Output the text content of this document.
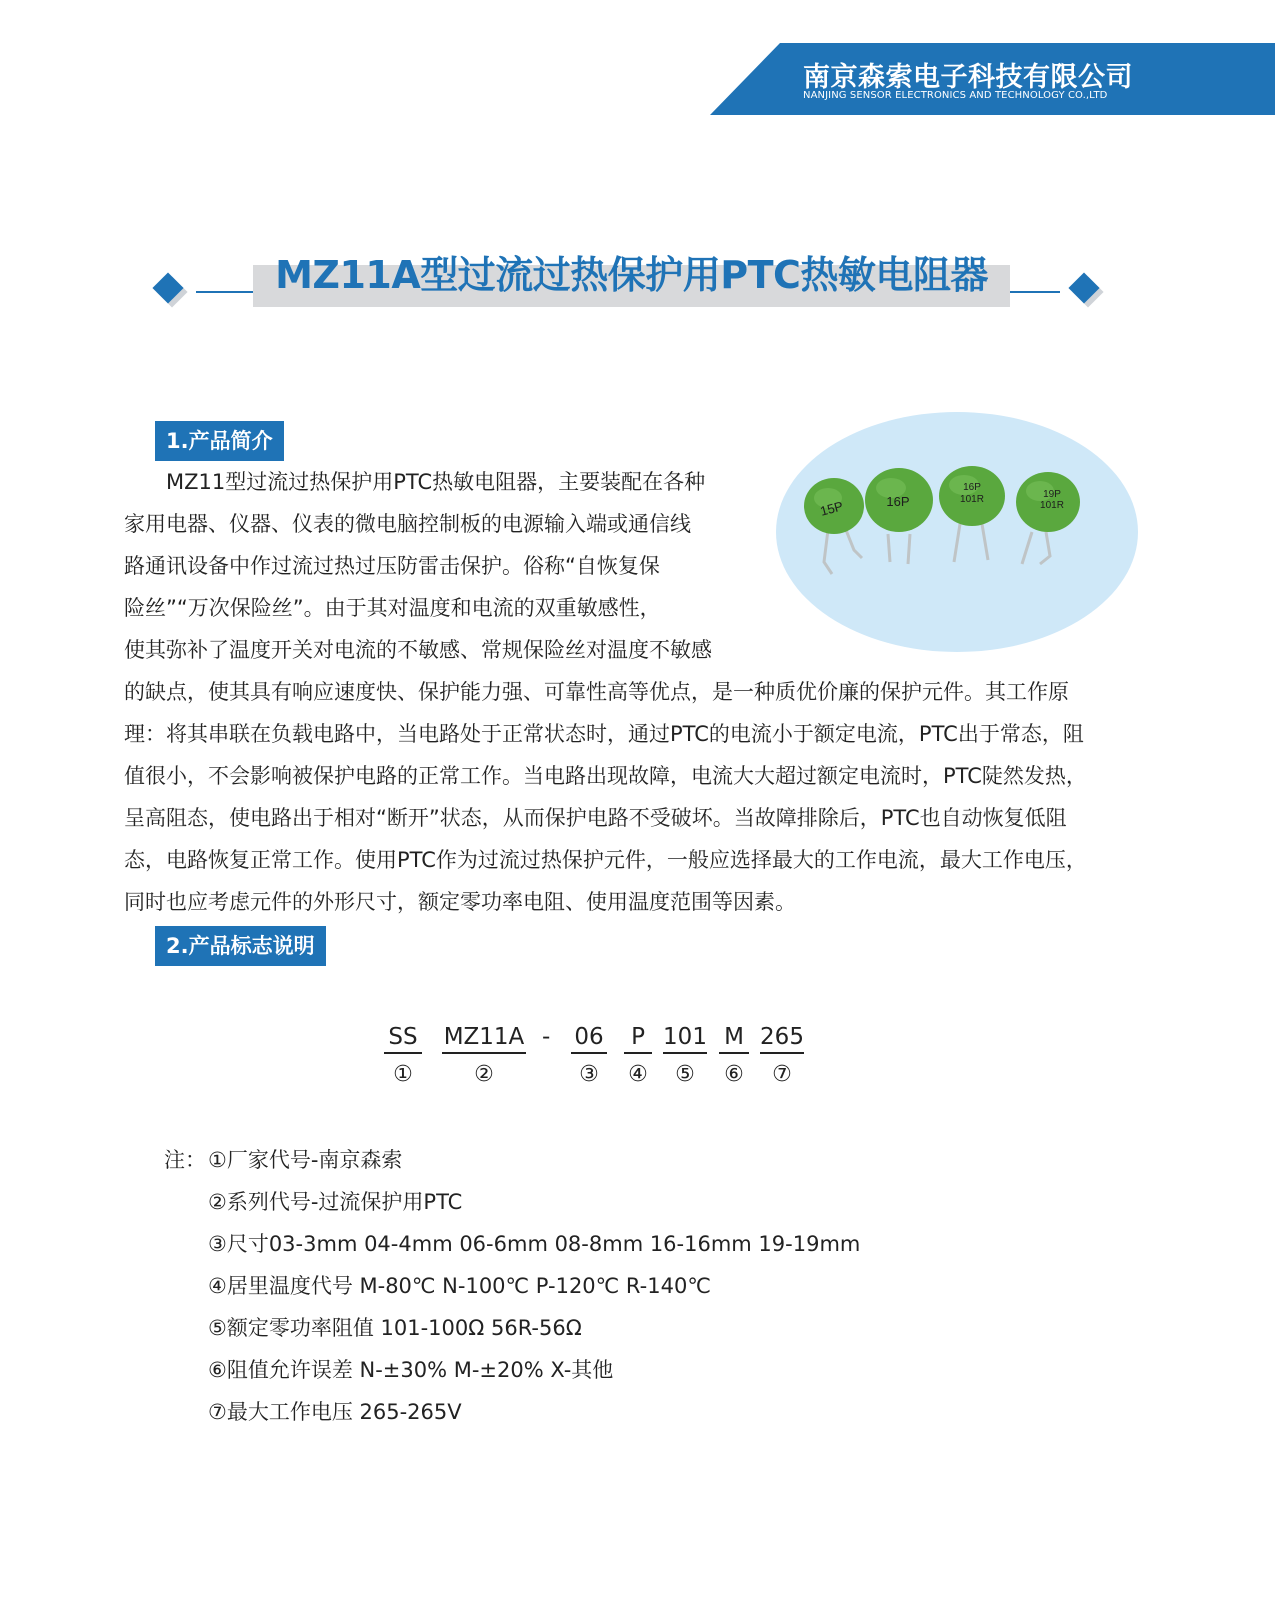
南京森索电子科技有限公司
NANJING SENSOR ELECTRONICS AND TECHNOLOGY CO.,LTD
MZ11A型过流过热保护用PTC热敏电阻器
1.产品简介
MZ11型过流过热保护用PTC热敏电阻器，主要装配在各种
家用电器、仪器、仪表的微电脑控制板的电源输入端或通信线
路通讯设备中作过流过热过压防雷击保护。俗称“自恢复保
险丝”“万次保险丝”。由于其对温度和电流的双重敏感性，
使其弥补了温度开关对电流的不敏感、常规保险丝对温度不敏感
的缺点，使其具有响应速度快、保护能力强、可靠性高等优点，是一种质优价廉的保护元件。其工作原
理：将其串联在负载电路中，当电路处于正常状态时，通过PTC的电流小于额定电流，PTC出于常态，阻
值很小，不会影响被保护电路的正常工作。当电路出现故障，电流大大超过额定电流时，PTC陡然发热，
呈高阻态，使电路出于相对“断开”状态，从而保护电路不受破坏。当故障排除后，PTC也自动恢复低阻
态，电路恢复正常工作。使用PTC作为过流过热保护元件，一般应选择最大的工作电流，最大工作电压，
同时也应考虑元件的外形尺寸，额定零功率电阻、使用温度范围等因素。
15P	16P
16P
101R	19P
101R
2.产品标志说明
SS
①
MZ11A
②
- 06
③
P
④
101
⑤
M
⑥
265
⑦
注： ①厂家代号-南京森索
②系列代号-过流保护用PTC
③尺寸03-3mm 04-4mm 06-6mm 08-8mm 16-16mm 19-19mm
④居里温度代号 M-80℃ N-100℃ P-120℃ R-140℃
⑤额定零功率阻值 101-100Ω 56R-56Ω
⑥阻值允许误差 N-±30% M-±20% X-其他
⑦最大工作电压 265-265V
